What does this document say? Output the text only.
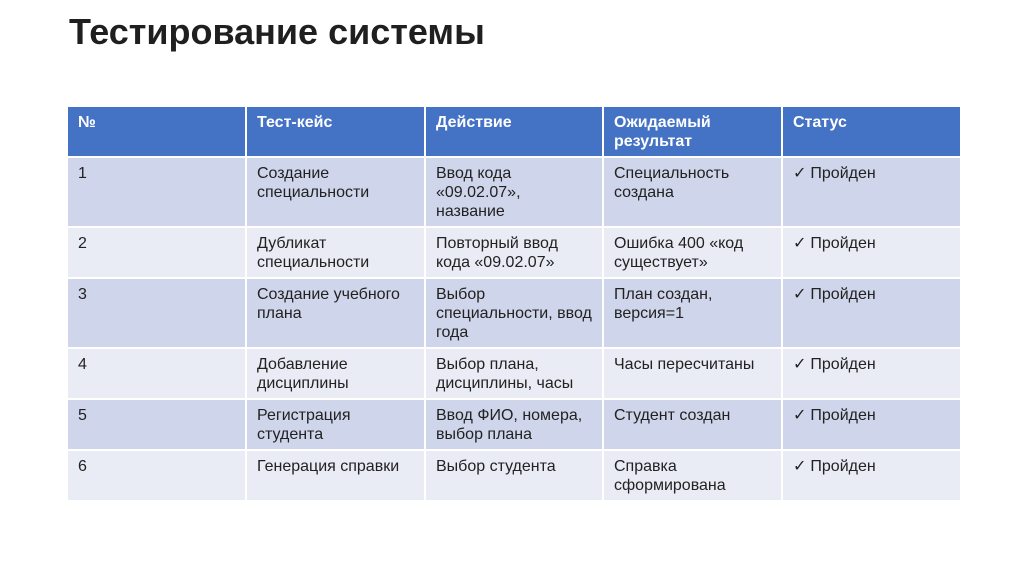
Тестирование системы
№	Тест-кейс	Действие	Ожидаемый результат	Статус
1	Создание специальности	Ввод кода «09.02.07», название	Специальность создана	✓ Пройден
2	Дубликат специальности	Повторный ввод кода «09.02.07»	Ошибка 400 «код существует»	✓ Пройден
3	Создание учебного плана	Выбор специальности, ввод года	План создан, версия=1	✓ Пройден
4	Добавление дисциплины	Выбор плана, дисциплины, часы	Часы пересчитаны	✓ Пройден
5	Регистрация студента	Ввод ФИО, номера, выбор плана	Студент создан	✓ Пройден
6	Генерация справки	Выбор студента	Справка сформирована	✓ Пройден
